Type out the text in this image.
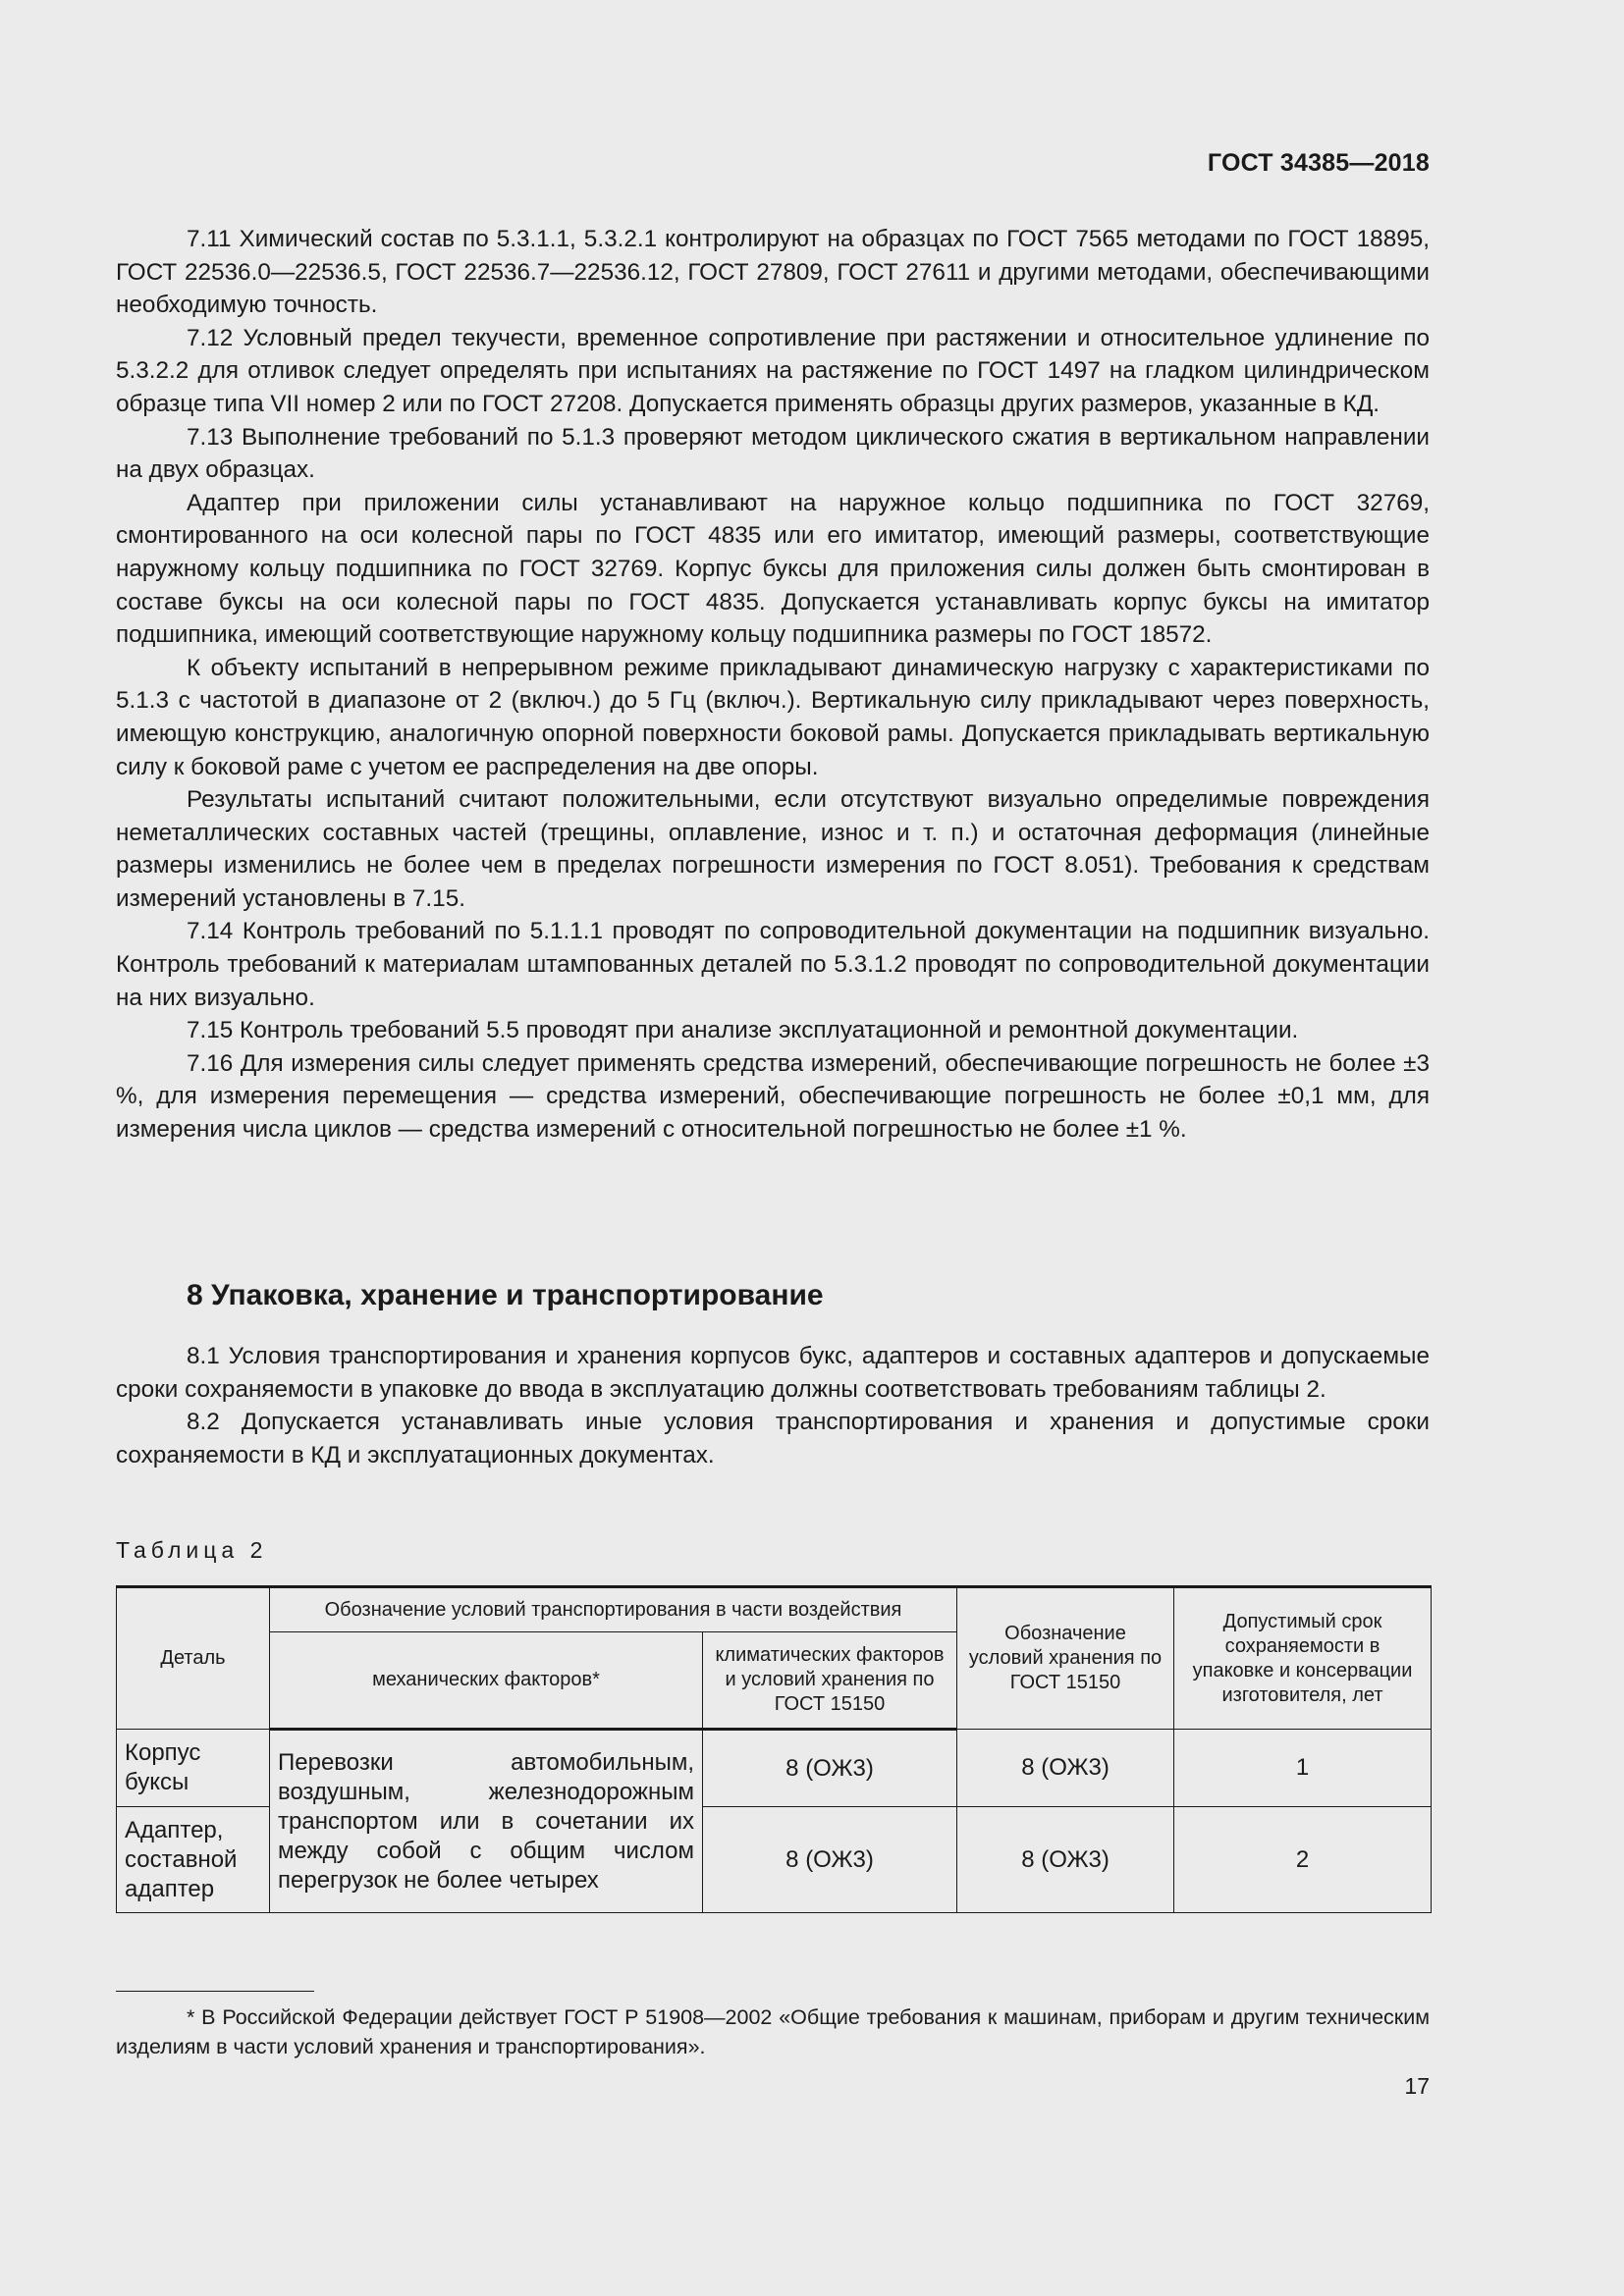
ГОСТ 34385—2018

7.11 Химический состав по 5.3.1.1, 5.3.2.1 контролируют на образцах по ГОСТ 7565 методами по ГОСТ 18895, ГОСТ 22536.0—22536.5, ГОСТ 22536.7—22536.12, ГОСТ 27809, ГОСТ 27611 и другими методами, обеспечивающими необходимую точность.

7.12 Условный предел текучести, временное сопротивление при растяжении и относительное удлинение по 5.3.2.2 для отливок следует определять при испытаниях на растяжение по ГОСТ 1497 на гладком цилиндрическом образце типа VII номер 2 или по ГОСТ 27208. Допускается применять образцы других размеров, указанные в КД.

7.13 Выполнение требований по 5.1.3 проверяют методом циклического сжатия в вертикальном направлении на двух образцах.

Адаптер при приложении силы устанавливают на наружное кольцо подшипника по ГОСТ 32769, смонтированного на оси колесной пары по ГОСТ 4835 или его имитатор, имеющий размеры, соответствующие наружному кольцу подшипника по ГОСТ 32769. Корпус буксы для приложения силы должен быть смонтирован в составе буксы на оси колесной пары по ГОСТ 4835. Допускается устанавливать корпус буксы на имитатор подшипника, имеющий соответствующие наружному кольцу подшипника размеры по ГОСТ 18572.

К объекту испытаний в непрерывном режиме прикладывают динамическую нагрузку с характеристиками по 5.1.3 с частотой в диапазоне от 2 (включ.) до 5 Гц (включ.). Вертикальную силу прикладывают через поверхность, имеющую конструкцию, аналогичную опорной поверхности боковой рамы. Допускается прикладывать вертикальную силу к боковой раме с учетом ее распределения на две опоры.

Результаты испытаний считают положительными, если отсутствуют визуально определимые повреждения неметаллических составных частей (трещины, оплавление, износ и т. п.) и остаточная деформация (линейные размеры изменились не более чем в пределах погрешности измерения по ГОСТ 8.051). Требования к средствам измерений установлены в 7.15.

7.14 Контроль требований по 5.1.1.1 проводят по сопроводительной документации на подшипник визуально. Контроль требований к материалам штампованных деталей по 5.3.1.2 проводят по сопроводительной документации на них визуально.

7.15 Контроль требований 5.5 проводят при анализе эксплуатационной и ремонтной документации.

7.16 Для измерения силы следует применять средства измерений, обеспечивающие погрешность не более ±3 %, для измерения перемещения — средства измерений, обеспечивающие погрешность не более ±0,1 мм, для измерения числа циклов — средства измерений с относительной погрешностью не более ±1 %.

8 Упаковка, хранение и транспортирование

8.1 Условия транспортирования и хранения корпусов букс, адаптеров и составных адаптеров и допускаемые сроки сохраняемости в упаковке до ввода в эксплуатацию должны соответствовать требованиям таблицы 2.

8.2 Допускается устанавливать иные условия транспортирования и хранения и допустимые сроки сохраняемости в КД и эксплуатационных документах.

Таблица 2
Деталь	Обозначение условий транспортирования в части воздействия		Обозначение условий хранения по ГОСТ 15150	Допустимый срок сохраняемости в упаковке и консервации изготовителя, лет
	механических факторов*	климатических факторов и условий хранения по ГОСТ 15150		
Корпус буксы	Перевозки автомобильным, воздушным, железнодорожным транспортом или в сочетании их между собой с общим числом перегрузок не более четырех	8 (ОЖ3)	8 (ОЖ3)	1
Адаптер, составной адаптер		8 (ОЖ3)	8 (ОЖ3)	2
* В Российской Федерации действует ГОСТ Р 51908—2002 «Общие требования к машинам, приборам и другим техническим изделиям в части условий хранения и транспортирования».
17
